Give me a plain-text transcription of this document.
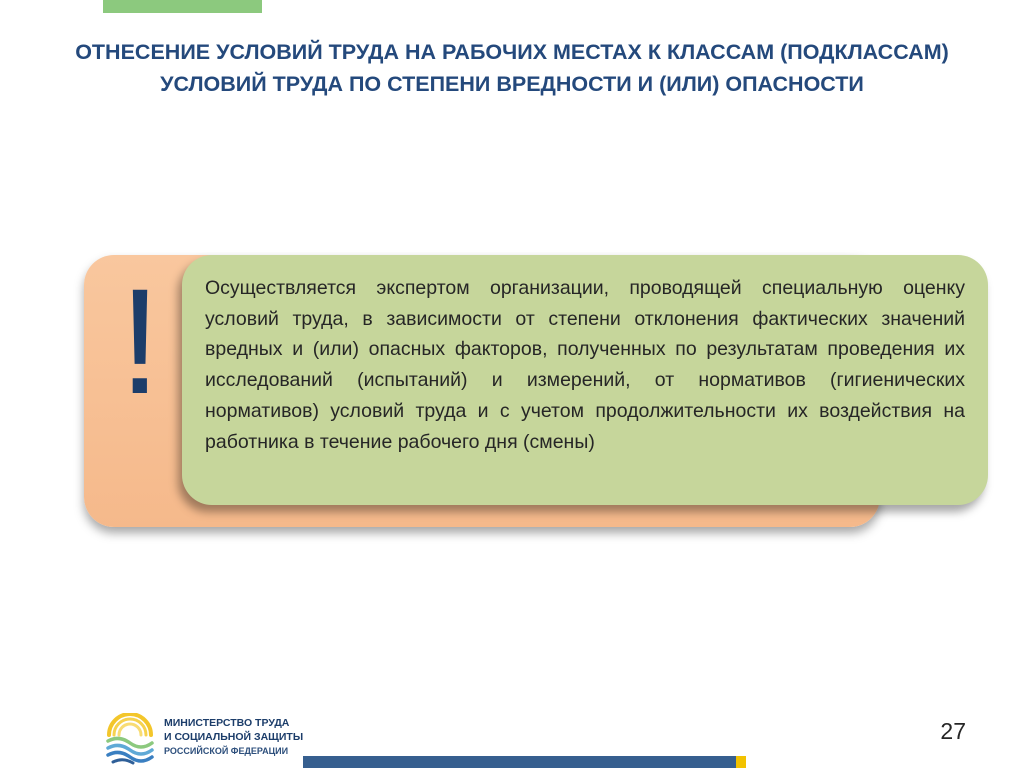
ОТНЕСЕНИЕ УСЛОВИЙ ТРУДА НА РАБОЧИХ МЕСТАХ К КЛАССАМ (ПОДКЛАССАМ) УСЛОВИЙ ТРУДА ПО СТЕПЕНИ ВРЕДНОСТИ И (ИЛИ) ОПАСНОСТИ
!	Осуществляется экспертом организации, проводящей специальную оценку условий труда, в зависимости от степени отклонения фактических значений вредных и (или) опасных факторов, полученных по результатам проведения их исследований (испытаний) и измерений, от нормативов (гигиенических нормативов) условий труда и с учетом продолжительности их воздействия на работника в течение рабочего дня (смены)
МИНИСТЕРСТВО ТРУДА
И СОЦИАЛЬНОЙ ЗАЩИТЫ
РОССИЙСКОЙ ФЕДЕРАЦИИ
27
